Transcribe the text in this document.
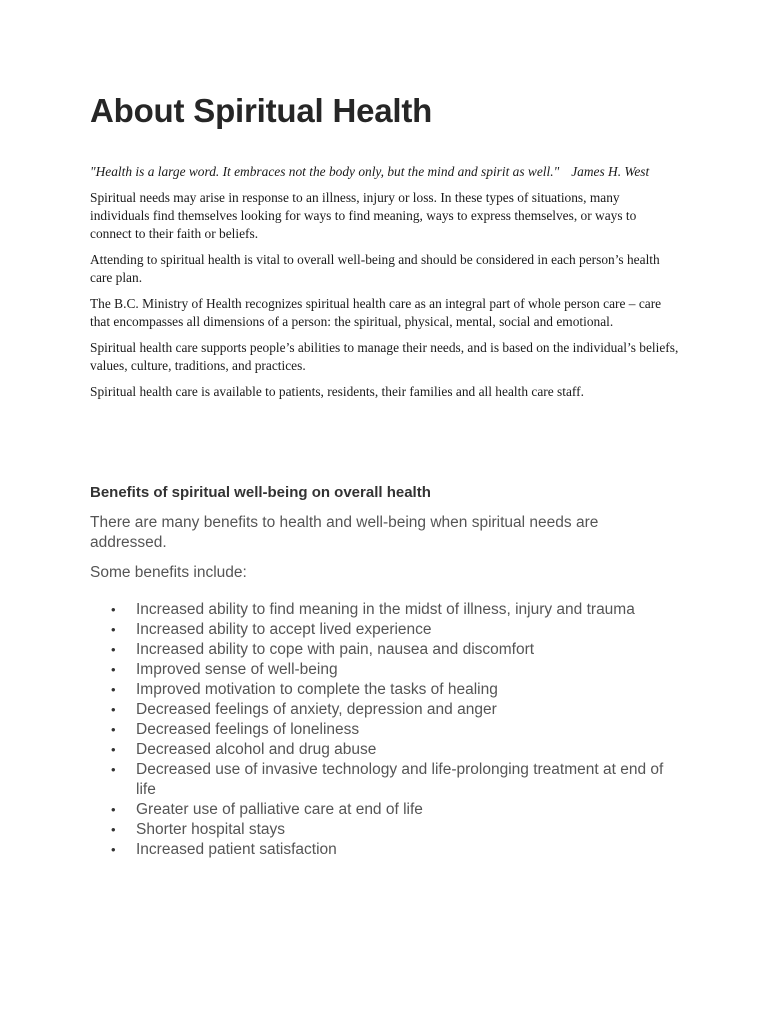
About Spiritual Health

"Health is a large word. It embraces not the body only, but the mind and spirit as well." James H. West

Spiritual needs may arise in response to an illness, injury or loss. In these types of situations, many individuals find themselves looking for ways to find meaning, ways to express themselves, or ways to connect to their faith or beliefs.

Attending to spiritual health is vital to overall well-being and should be considered in each person’s health care plan.

The B.C. Ministry of Health recognizes spiritual health care as an integral part of whole person care – care that encompasses all dimensions of a person: the spiritual, physical, mental, social and emotional.

Spiritual health care supports people’s abilities to manage their needs, and is based on the individual’s beliefs, values, culture, traditions, and practices.

Spiritual health care is available to patients, residents, their families and all health care staff.

Benefits of spiritual well-being on overall health

There are many benefits to health and well-being when spiritual needs are addressed.

Some benefits include:

• Increased ability to find meaning in the midst of illness, injury and trauma
• Increased ability to accept lived experience
• Increased ability to cope with pain, nausea and discomfort
• Improved sense of well-being
• Improved motivation to complete the tasks of healing
• Decreased feelings of anxiety, depression and anger
• Decreased feelings of loneliness
• Decreased alcohol and drug abuse
• Decreased use of invasive technology and life-prolonging treatment at end of life
• Greater use of palliative care at end of life
• Shorter hospital stays
• Increased patient satisfaction
